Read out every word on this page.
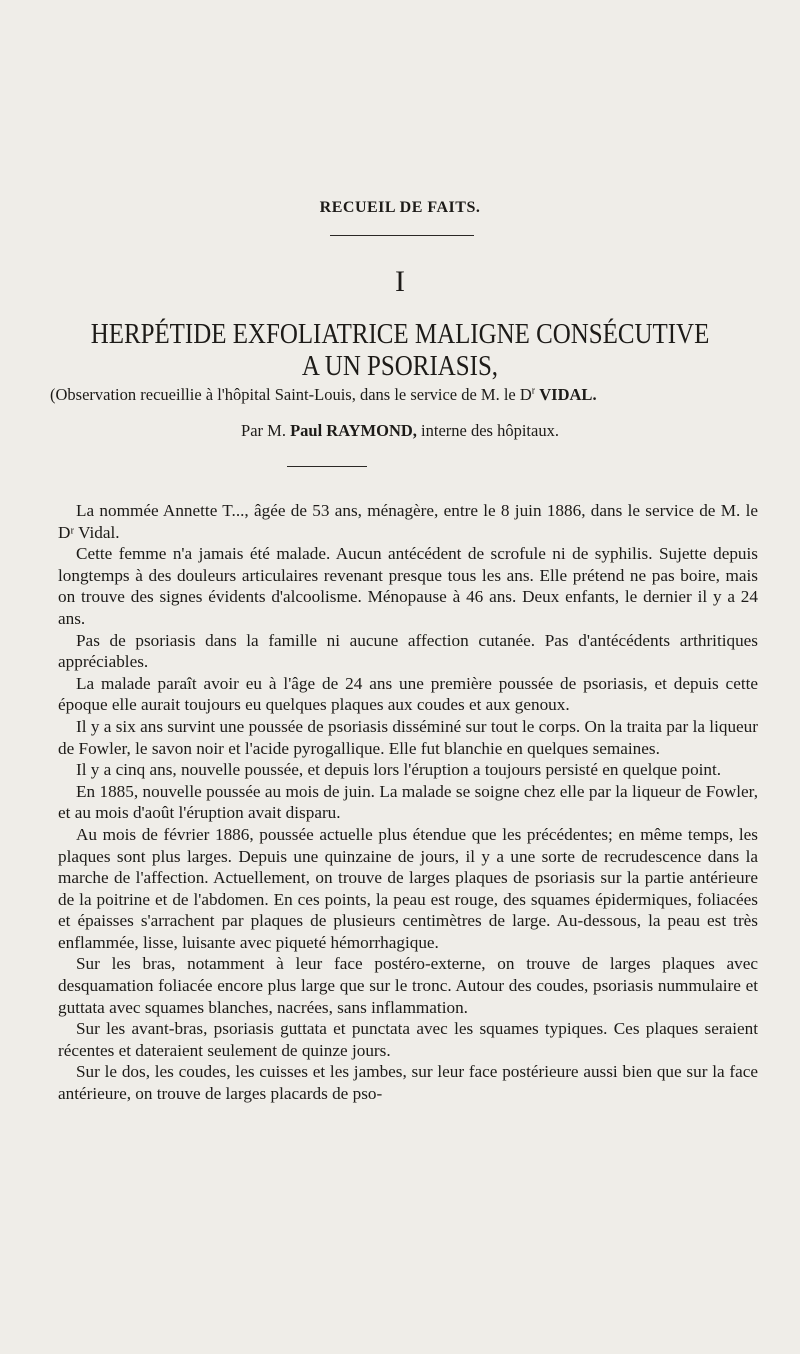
RECUEIL DE FAITS.
I
HERPÉTIDE EXFOLIATRICE MALIGNE CONSÉCUTIVE
A UN PSORIASIS,
(Observation recueillie à l'hôpital Saint-Louis, dans le service de M. le $D^r$ VIDAL.
Par M. Paul RAYMOND, interne des hôpitaux.

La nommée Annette T..., âgée de 53 ans, ménagère, entre le 8 juin 1886, dans le service de M. le Dʳ Vidal.

Cette femme n'a jamais été malade. Aucun antécédent de scrofule ni de syphilis. Sujette depuis longtemps à des douleurs articulaires revenant presque tous les ans. Elle prétend ne pas boire, mais on trouve des signes évidents d'alcoolisme. Ménopause à 46 ans. Deux enfants, le dernier il y a 24 ans.

Pas de psoriasis dans la famille ni aucune affection cutanée. Pas d'antécédents arthritiques appréciables.

La malade paraît avoir eu à l'âge de 24 ans une première poussée de psoriasis, et depuis cette époque elle aurait toujours eu quelques plaques aux coudes et aux genoux.

Il y a six ans survint une poussée de psoriasis disséminé sur tout le corps. On la traita par la liqueur de Fowler, le savon noir et l'acide pyrogallique. Elle fut blanchie en quelques semaines.

Il y a cinq ans, nouvelle poussée, et depuis lors l'éruption a toujours persisté en quelque point.

En 1885, nouvelle poussée au mois de juin. La malade se soigne chez elle par la liqueur de Fowler, et au mois d'août l'éruption avait disparu.

Au mois de février 1886, poussée actuelle plus étendue que les précédentes; en même temps, les plaques sont plus larges. Depuis une quinzaine de jours, il y a une sorte de recrudescence dans la marche de l'affection. Actuellement, on trouve de larges plaques de psoriasis sur la partie antérieure de la poitrine et de l'abdomen. En ces points, la peau est rouge, des squames épidermiques, foliacées et épaisses s'arrachent par plaques de plusieurs centimètres de large. Au-dessous, la peau est très enflammée, lisse, luisante avec piqueté hémorrhagique.

Sur les bras, notamment à leur face postéro-externe, on trouve de larges plaques avec desquamation foliacée encore plus large que sur le tronc. Autour des coudes, psoriasis nummulaire et guttata avec squames blanches, nacrées, sans inflammation.

Sur les avant-bras, psoriasis guttata et punctata avec les squames typiques. Ces plaques seraient récentes et dateraient seulement de quinze jours.

Sur le dos, les coudes, les cuisses et les jambes, sur leur face postérieure aussi bien que sur la face antérieure, on trouve de larges placards de pso-
